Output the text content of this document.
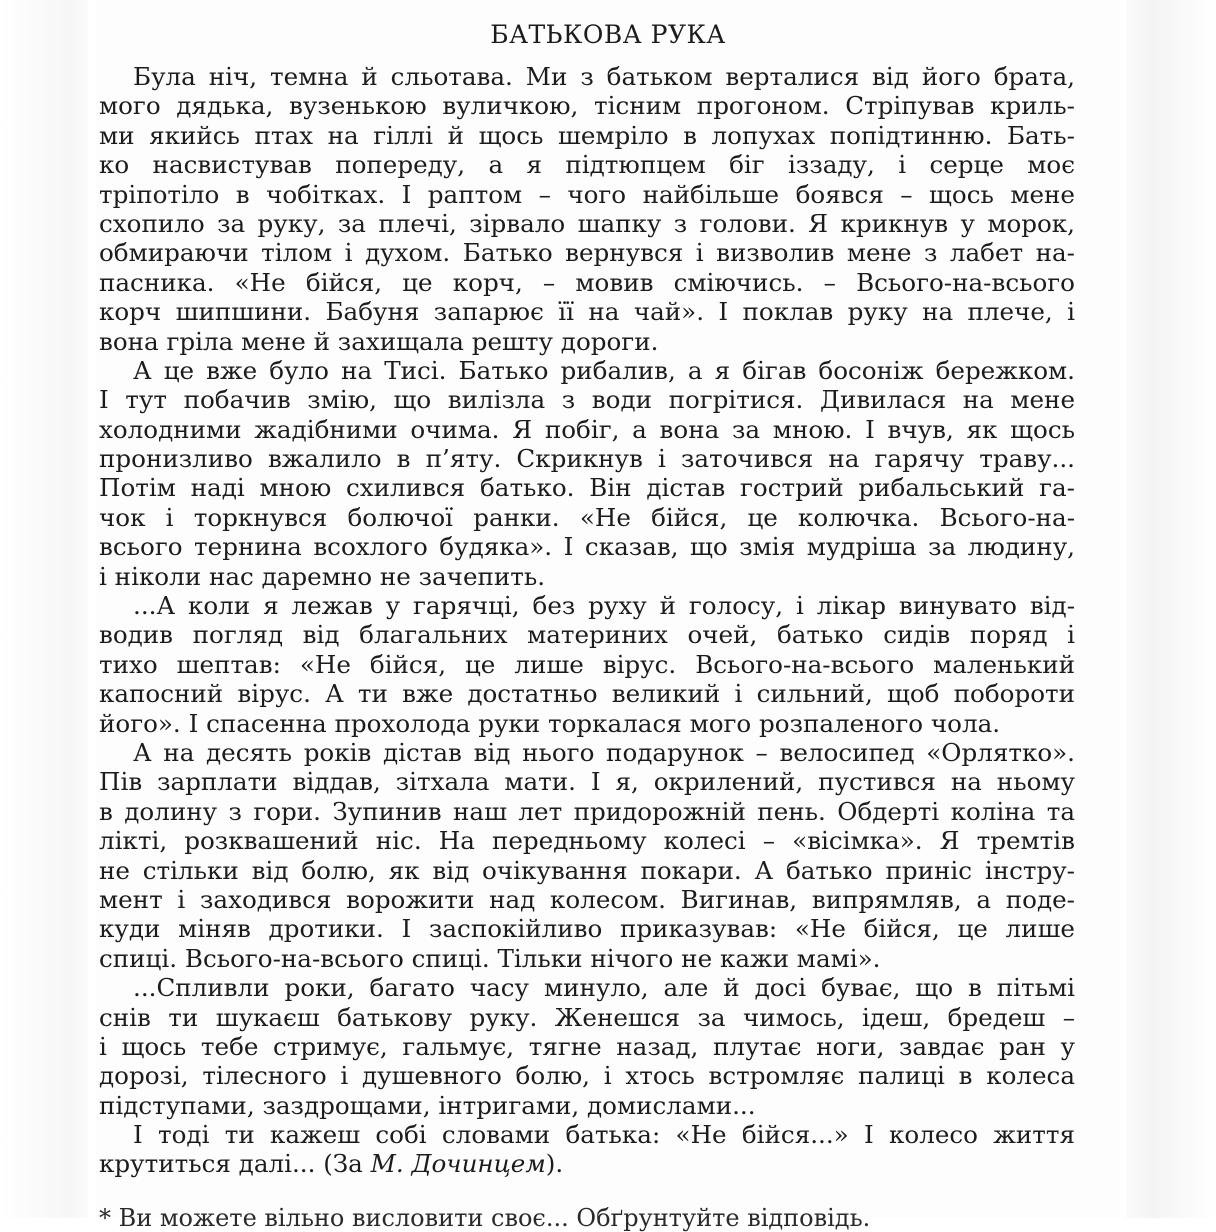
БАТЬКОВА РУКА
Була ніч, темна й сльотава. Ми з батьком верталися від його брата,
мого дядька, вузенькою вуличкою, тісним прогоном. Стріпував криль-
ми якийсь птах на гіллі й щось шемріло в лопухах попідтинню. Бать-
ко насвистував попереду, а я підтюпцем біг іззаду, і серце моє
тріпотіло в чобітках. І раптом – чого найбільше боявся – щось мене
схопило за руку, за плечі, зірвало шапку з голови. Я крикнув у морок,
обмираючи тілом і духом. Батько вернувся і визволив мене з лабет на-
пасника. «Не бійся, це корч, – мовив сміючись. – Всього-на-всього
корч шипшини. Бабуня запарює її на чай». І поклав руку на плече, і
вона гріла мене й захищала решту дороги.
А це вже було на Тисі. Батько рибалив, а я бігав босоніж бережком.
І тут побачив змію, що вилізла з води погрітися. Дивилася на мене
холодними жадібними очима. Я побіг, а вона за мною. І вчув, як щось
пронизливо вжалило в п’яту. Скрикнув і заточився на гарячу траву...
Потім наді мною схилився батько. Він дістав гострий рибальський га-
чок і торкнувся болючої ранки. «Не бійся, це колючка. Всього-на-
всього тернина всохлого будяка». І сказав, що змія мудріша за людину,
і ніколи нас даремно не зачепить.
...А коли я лежав у гарячці, без руху й голосу, і лікар винувато від-
водив погляд від благальних материних очей, батько сидів поряд і
тихо шептав: «Не бійся, це лише вірус. Всього-на-всього маленький
капосний вірус. А ти вже достатньо великий і сильний, щоб побороти
його». І спасенна прохолода руки торкалася мого розпаленого чола.
А на десять років дістав від нього подарунок – велосипед «Орлятко».
Пів зарплати віддав, зітхала мати. І я, окрилений, пустився на ньому
в долину з гори. Зупинив наш лет придорожній пень. Обдерті коліна та
лікті, розквашений ніс. На передньому колесі – «вісімка». Я тремтів
не стільки від болю, як від очікування покари. А батько приніс інстру-
мент і заходився ворожити над колесом. Вигинав, випрямляв, а поде-
куди міняв дротики. І заспокійливо приказував: «Не бійся, це лише
спиці. Всього-на-всього спиці. Тільки нічого не кажи мамі».
...Спливли роки, багато часу минуло, але й досі буває, що в пітьмі
снів ти шукаєш батькову руку. Женешся за чимось, ідеш, бредеш –
і щось тебе стримує, гальмує, тягне назад, плутає ноги, завдає ран у
дорозі, тілесного і душевного болю, і хтось встромляє палиці в колеса
підступами, заздрощами, інтригами, домислами...
І тоді ти кажеш собі словами батька: «Не бійся...» І колесо життя
крутиться далі... (За М. Дочинцем).
* Ви можете вільно висловити своє... Обґрунтуйте відповідь.
